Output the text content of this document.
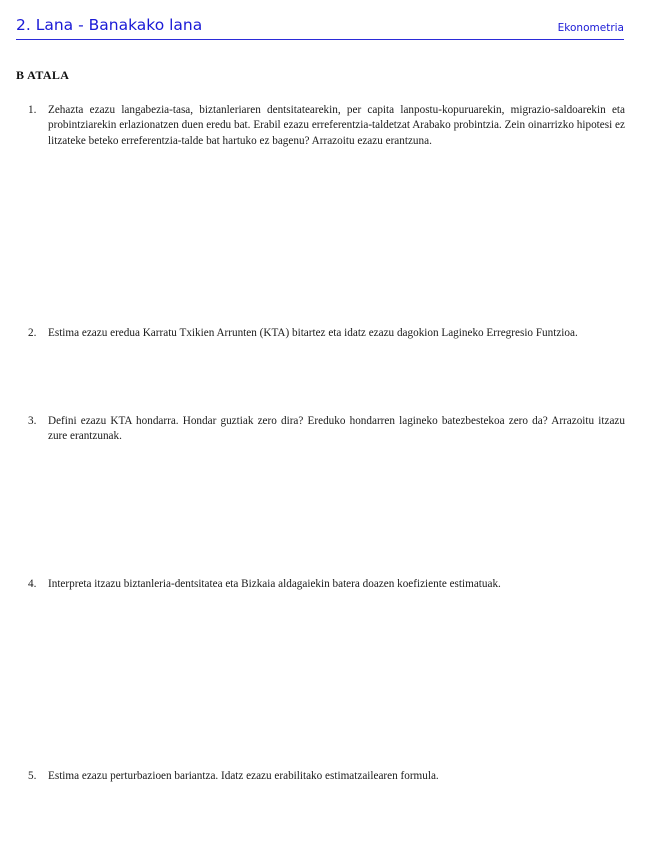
2. Lana - Banakako lana	Ekonometria
B ATALA
1.	Zehazta ezazu langabezia-tasa, biztanleriaren dentsitatearekin, per capita lanpostu-kopuruarekin, migrazio-saldoarekin eta probintziarekin erlazionatzen duen eredu bat. Erabil ezazu erreferentzia-taldetzat Arabako probintzia. Zein oinarrizko hipotesi ez litzateke beteko erreferentzia-talde bat hartuko ez bagenu? Arrazoitu ezazu erantzuna.
2.	Estima ezazu eredua Karratu Txikien Arrunten (KTA) bitartez eta idatz ezazu dagokion Lagineko Erregresio Funtzioa.
3.	Defini ezazu KTA hondarra. Hondar guztiak zero dira? Ereduko hondarren lagineko batezbestekoa zero da? Arrazoitu itzazu zure erantzunak.
4.	Interpreta itzazu biztanleria-dentsitatea eta Bizkaia aldagaiekin batera doazen koefiziente estimatuak.
5.	Estima ezazu perturbazioen bariantza. Idatz ezazu erabilitako estimatzailearen formula.
